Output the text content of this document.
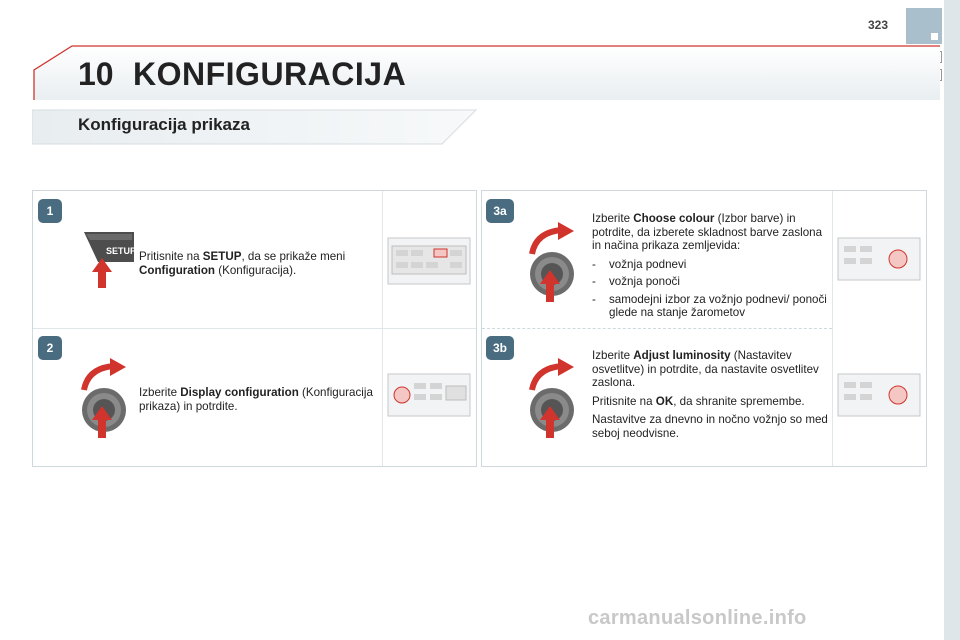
323
10 KONFIGURACIJA
Konfiguracija prikaza
1
SETUP Pritisnite na SETUP, da se prikaže meni Configuration (Konfiguracija).
2
Izberite Display configuration (Konfiguracija prikaza) in potrdite.
3a

Izberite Choose colour (Izbor barve) in potrdite, da izberete skladnost barve zaslona in načina prikaza zemljevida:

- vožnja podnevi
- vožnja ponoči
- samodejni izbor za vožnjo podnevi/ ponoči glede na stanje žarometov
3b

Izberite Adjust luminosity (Nastavitev osvetlitve) in potrdite, da nastavite osvetlitev zaslona.

Pritisnite na OK, da shranite spremembe.

Nastavitve za dnevno in nočno vožnjo so med seboj neodvisne.

carmanualsonline.info
